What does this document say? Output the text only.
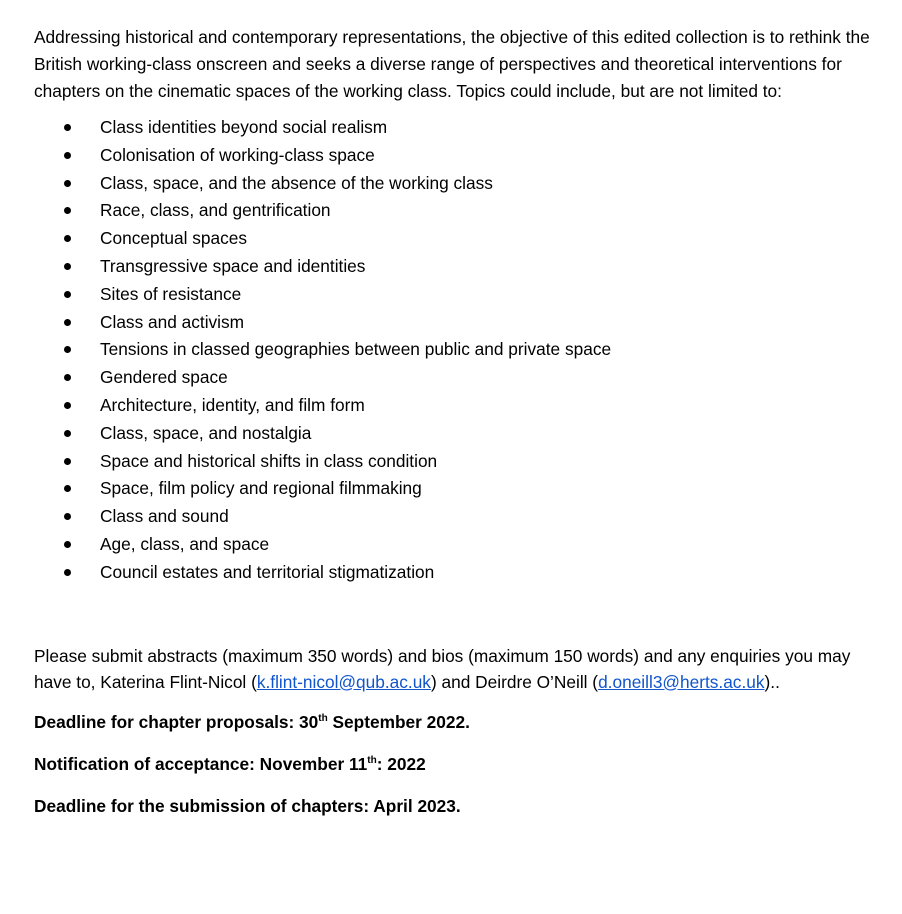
Addressing historical and contemporary representations, the objective of this edited collection is to rethink the British working-class onscreen and seeks a diverse range of perspectives and theoretical interventions for chapters on the cinematic spaces of the working class. Topics could include, but are not limited to:

Class identities beyond social realism
Colonisation of working-class space
Class, space, and the absence of the working class
Race, class, and gentrification
Conceptual spaces
Transgressive space and identities
Sites of resistance
Class and activism
Tensions in classed geographies between public and private space
Gendered space
Architecture, identity, and film form
Class, space, and nostalgia
Space and historical shifts in class condition
Space, film policy and regional filmmaking
Class and sound
Age, class, and space
Council estates and territorial stigmatization

Please submit abstracts (maximum 350 words) and bios (maximum 150 words) and any enquiries you may have to, Katerina Flint-Nicol (k.flint-nicol@qub.ac.uk) and Deirdre O’Neill (d.oneill3@herts.ac.uk)..

Deadline for chapter proposals: 30th September 2022.

Notification of acceptance: November 11th: 2022

Deadline for the submission of chapters: April 2023.
